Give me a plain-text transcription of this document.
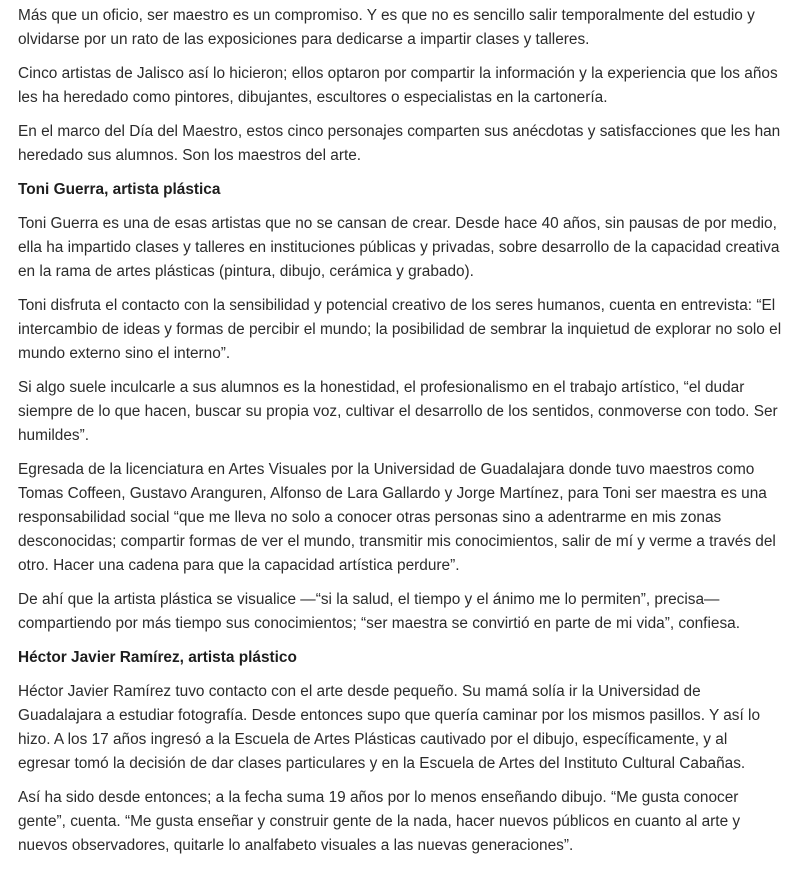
Más que un oficio, ser maestro es un compromiso. Y es que no es sencillo salir temporalmente del estudio y olvidarse por un rato de las exposiciones para dedicarse a impartir clases y talleres.

Cinco artistas de Jalisco así lo hicieron; ellos optaron por compartir la información y la experiencia que los años les ha heredado como pintores, dibujantes, escultores o especialistas en la cartonería.

En el marco del Día del Maestro, estos cinco personajes comparten sus anécdotas y satisfacciones que les han heredado sus alumnos. Son los maestros del arte.

Toni Guerra, artista plástica

Toni Guerra es una de esas artistas que no se cansan de crear. Desde hace 40 años, sin pausas de por medio, ella ha impartido clases y talleres en instituciones públicas y privadas, sobre desarrollo de la capacidad creativa en la rama de artes plásticas (pintura, dibujo, cerámica y grabado).

Toni disfruta el contacto con la sensibilidad y potencial creativo de los seres humanos, cuenta en entrevista: “El intercambio de ideas y formas de percibir el mundo; la posibilidad de sembrar la inquietud de explorar no solo el mundo externo sino el interno”.

Si algo suele inculcarle a sus alumnos es la honestidad, el profesionalismo en el trabajo artístico, “el dudar siempre de lo que hacen, buscar su propia voz, cultivar el desarrollo de los sentidos, conmoverse con todo. Ser humildes”.

Egresada de la licenciatura en Artes Visuales por la Universidad de Guadalajara donde tuvo maestros como Tomas Coffeen, Gustavo Aranguren, Alfonso de Lara Gallardo y Jorge Martínez, para Toni ser maestra es una responsabilidad social “que me lleva no solo a conocer otras personas sino a adentrarme en mis zonas desconocidas; compartir formas de ver el mundo, transmitir mis conocimientos, salir de mí y verme a través del otro. Hacer una cadena para que la capacidad artística perdure”.

De ahí que la artista plástica se visualice —“si la salud, el tiempo y el ánimo me lo permiten”, precisa— compartiendo por más tiempo sus conocimientos; “ser maestra se convirtió en parte de mi vida”, confiesa.

Héctor Javier Ramírez, artista plástico

Héctor Javier Ramírez tuvo contacto con el arte desde pequeño. Su mamá solía ir la Universidad de Guadalajara a estudiar fotografía. Desde entonces supo que quería caminar por los mismos pasillos. Y así lo hizo. A los 17 años ingresó a la Escuela de Artes Plásticas cautivado por el dibujo, específicamente, y al egresar tomó la decisión de dar clases particulares y en la Escuela de Artes del Instituto Cultural Cabañas.

Así ha sido desde entonces; a la fecha suma 19 años por lo menos enseñando dibujo. “Me gusta conocer gente”, cuenta. “Me gusta enseñar y construir gente de la nada, hacer nuevos públicos en cuanto al arte y nuevos observadores, quitarle lo analfabeto visuales a las nuevas generaciones”.
